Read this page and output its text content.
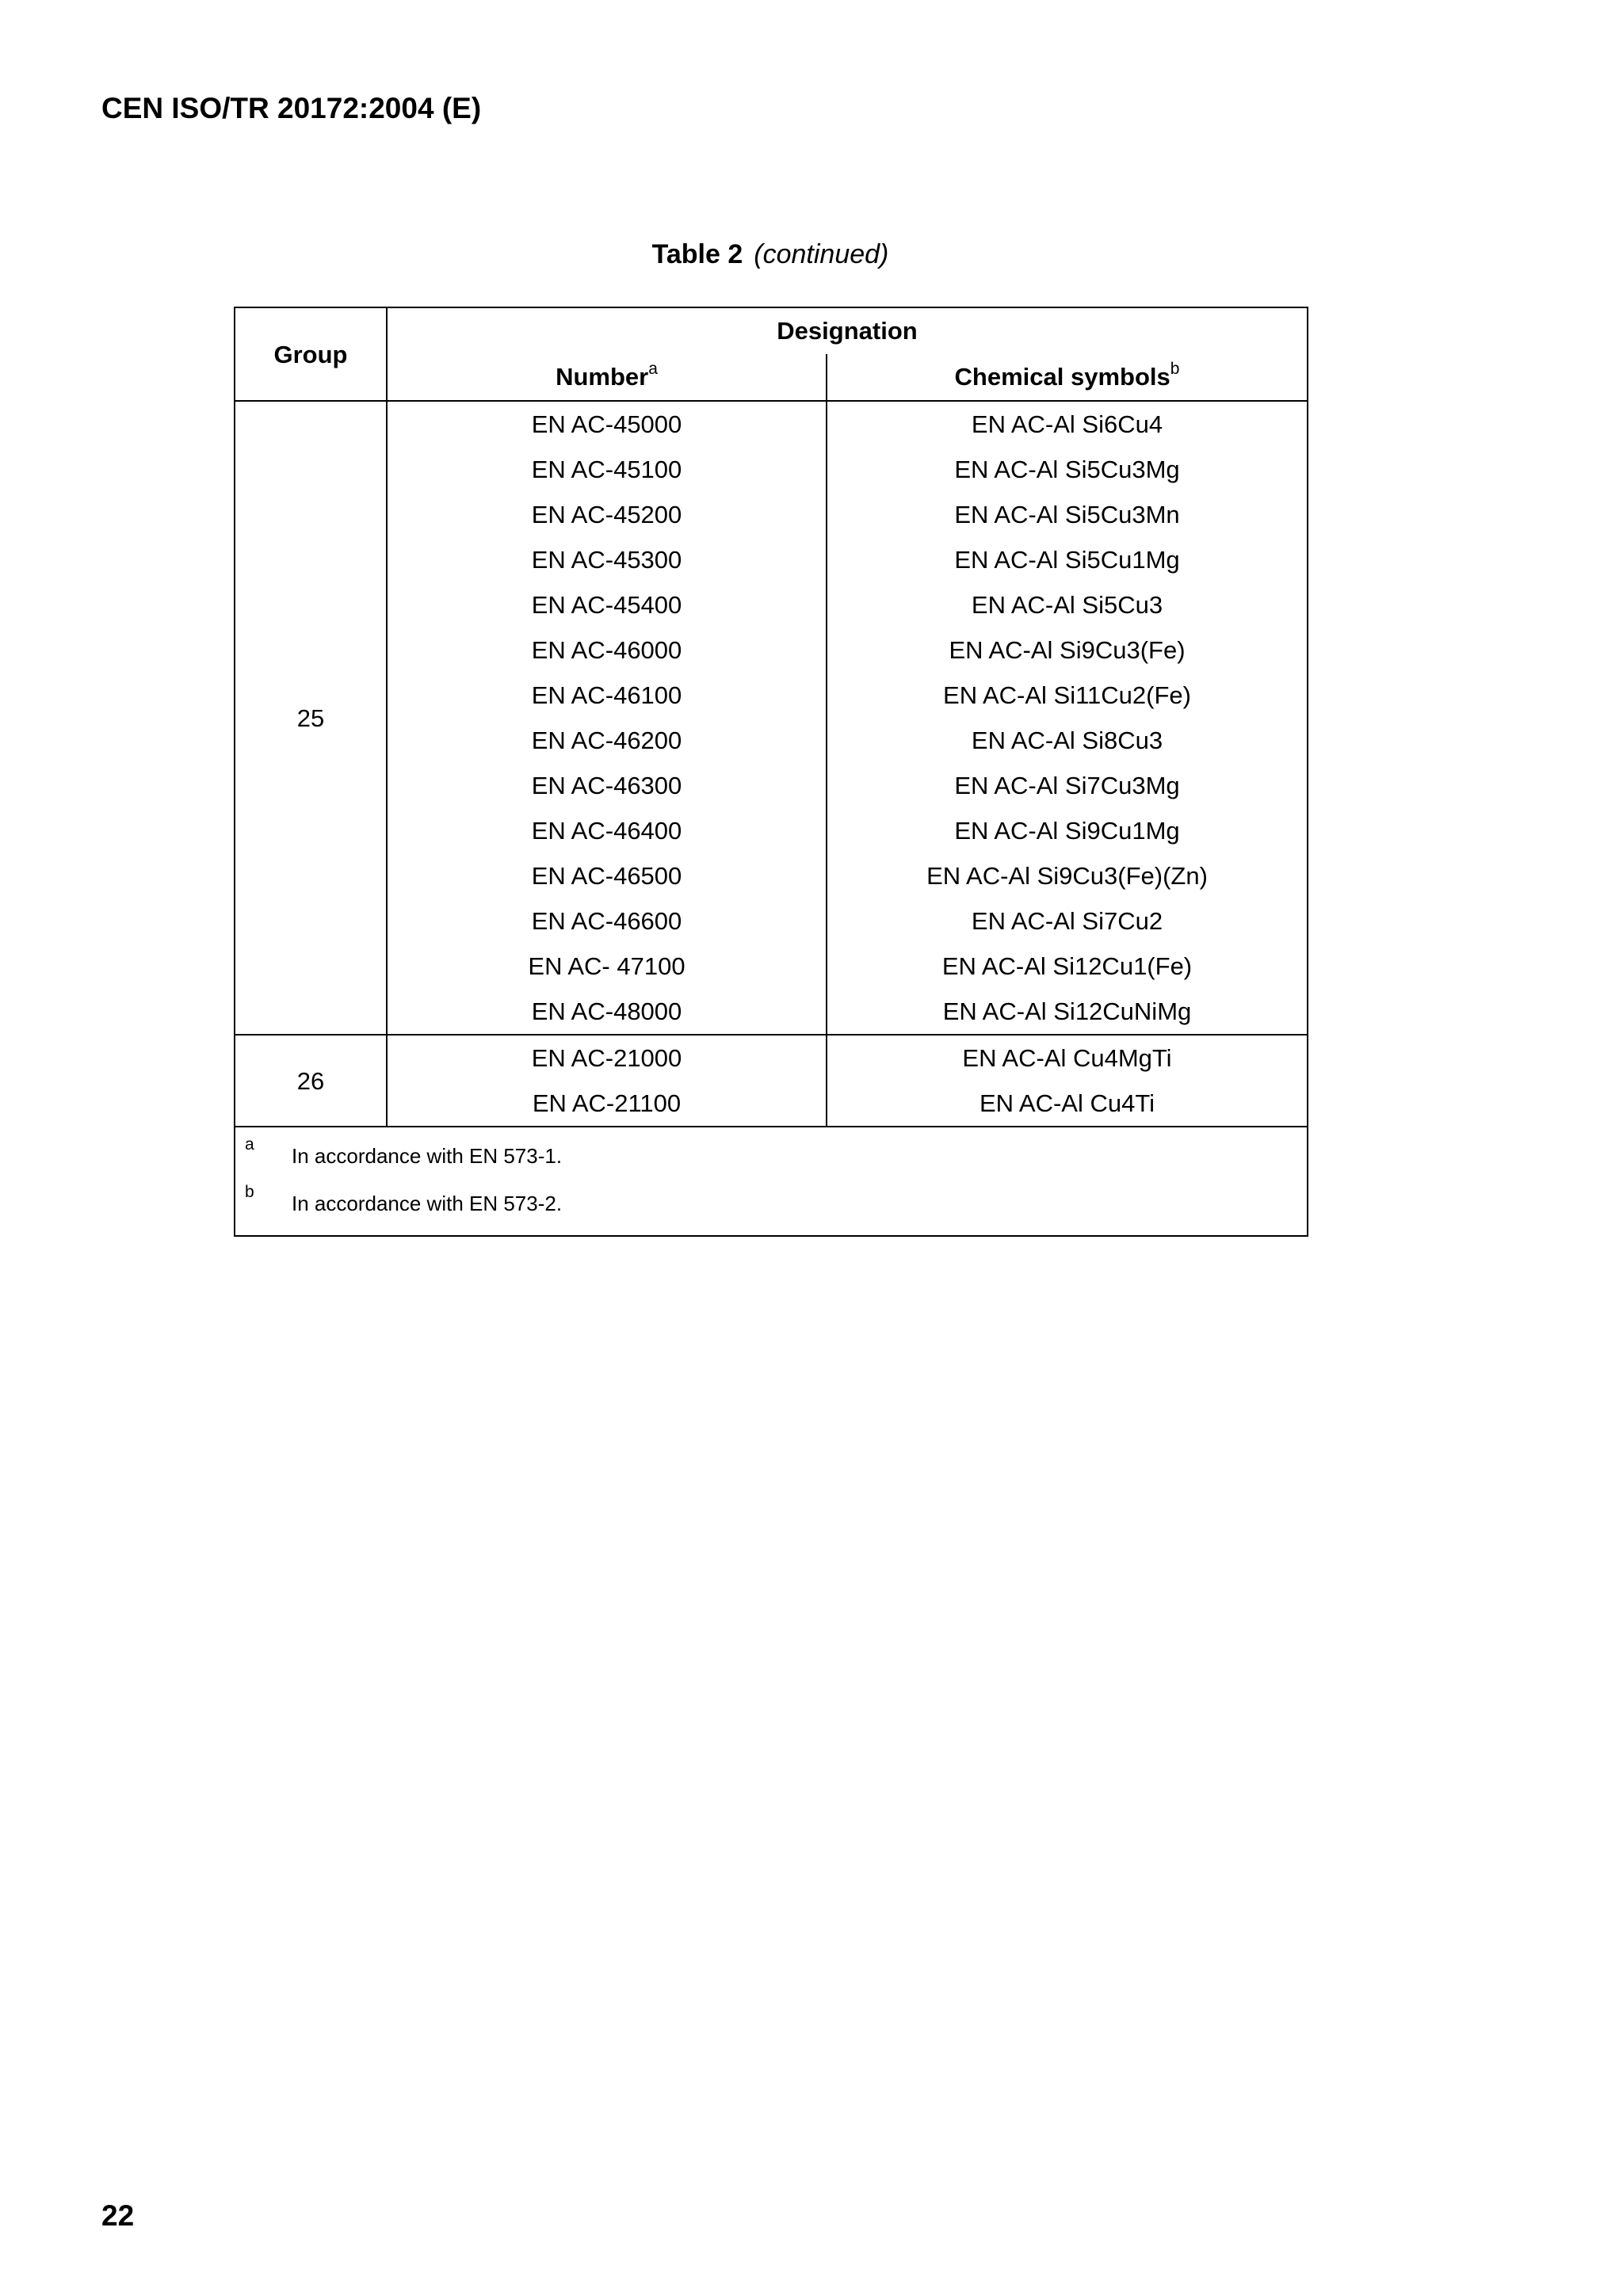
CEN ISO/TR 20172:2004 (E)
Table 2 (continued)
Group	Designation	
	Number$^a$	Chemical symbols$^b$
25	EN AC-45000	EN AC-Al Si6Cu4
	EN AC-45100	EN AC-Al Si5Cu3Mg
	EN AC-45200	EN AC-Al Si5Cu3Mn
	EN AC-45300	EN AC-Al Si5Cu1Mg
	EN AC-45400	EN AC-Al Si5Cu3
	EN AC-46000	EN AC-Al Si9Cu3(Fe)
	EN AC-46100	EN AC-Al Si11Cu2(Fe)
	EN AC-46200	EN AC-Al Si8Cu3
	EN AC-46300	EN AC-Al Si7Cu3Mg
	EN AC-46400	EN AC-Al Si9Cu1Mg
	EN AC-46500	EN AC-Al Si9Cu3(Fe)(Zn)
	EN AC-46600	EN AC-Al Si7Cu2
	EN AC- 47100	EN AC-Al Si12Cu1(Fe)
	EN AC-48000	EN AC-Al Si12CuNiMg
26	EN AC-21000	EN AC-Al Cu4MgTi
	EN AC-21100	EN AC-Al Cu4Ti

a In accordance with EN 573-1.
b In accordance with EN 573-2.		
22
